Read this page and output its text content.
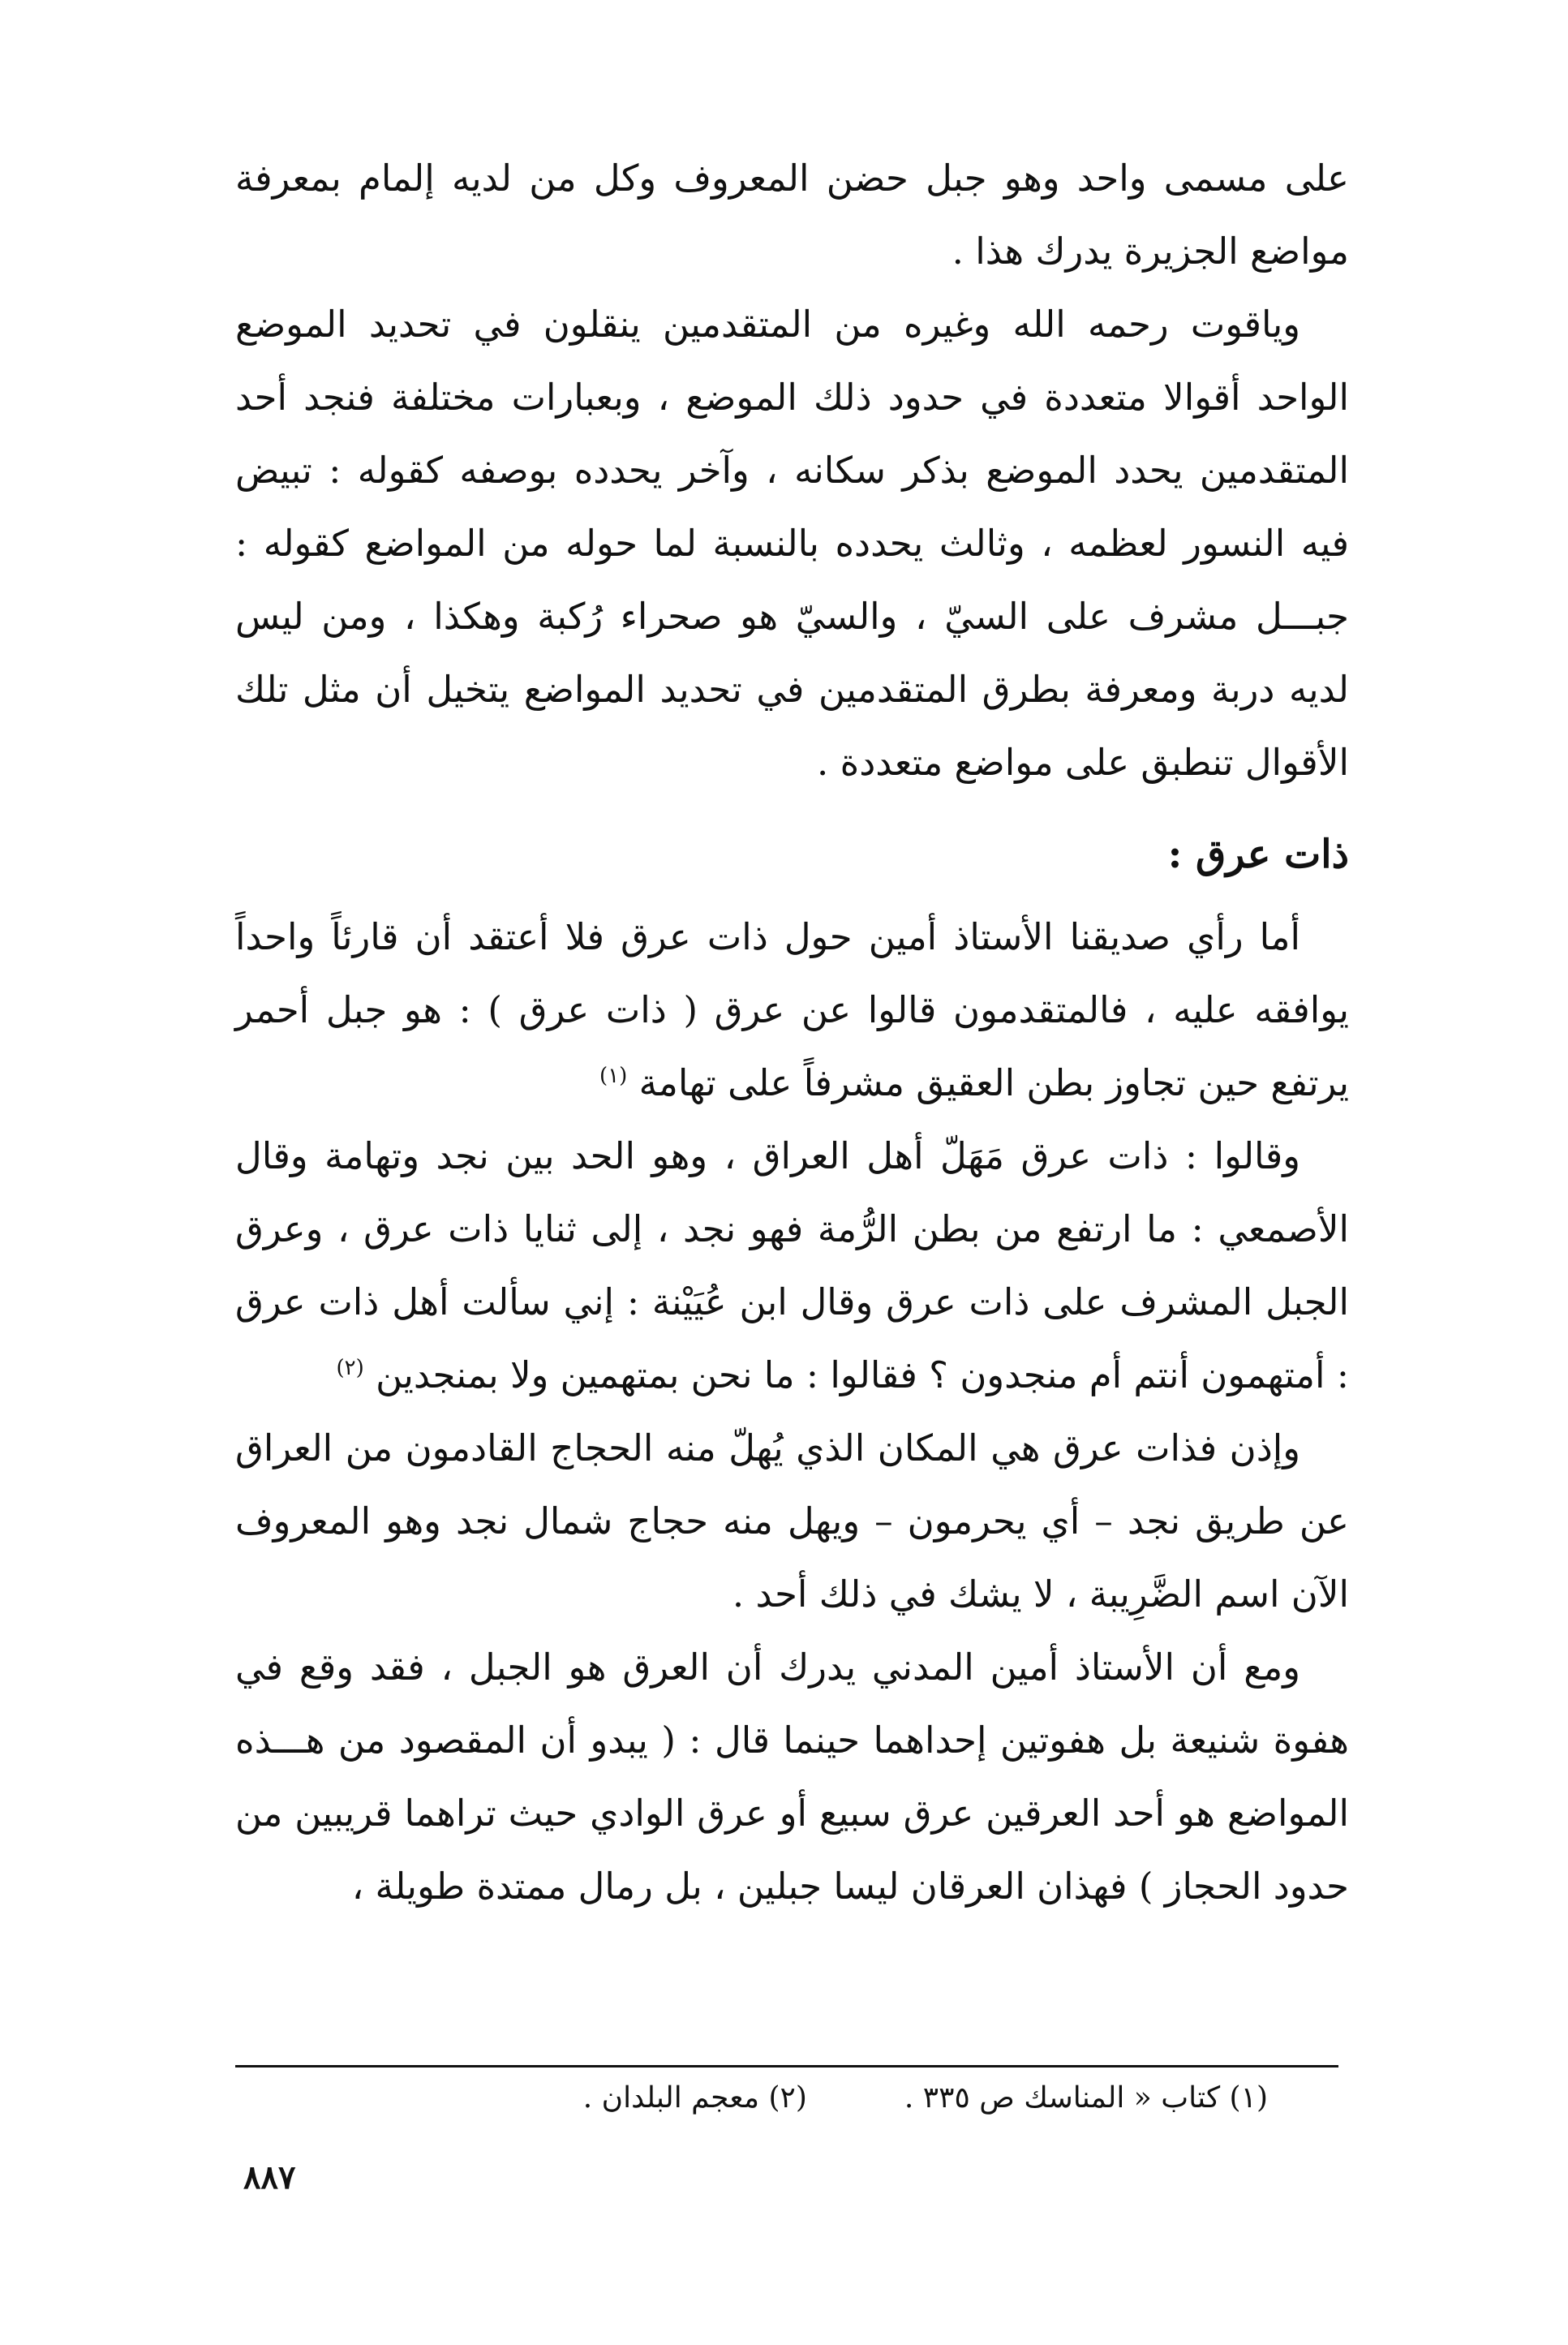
على مسمى واحد وهو جبل حضن المعروف وكل من لديه إلمام بمعرفة مواضع الجزيرة يدرك هذا .

وياقوت رحمه الله وغيره من المتقدمين ينقلون في تحديد الموضع الواحد أقوالا متعددة في حدود ذلك الموضع ، وبعبارات مختلفة فنجد أحد المتقدمين يحدد الموضع بذكر سكانه ، وآخر يحدده بوصفه كقوله : تبيض فيه النسور لعظمه ، وثالث يحدده بالنسبة لما حوله من المواضع كقوله : جبـــل مشرف على السيّ ، والسيّ هو صحراء رُكبة وهكذا ، ومن ليس لديه دربة ومعرفة بطرق المتقدمين في تحديد المواضع يتخيل أن مثل تلك الأقوال تنطبق على مواضع متعددة .

ذات عرق :

أما رأي صديقنا الأستاذ أمين حول ذات عرق فلا أعتقد أن قارئاً واحداً يوافقه عليه ، فالمتقدمون قالوا عن عرق ( ذات عرق ) : هو جبل أحمر يرتفع حين تجاوز بطن العقيق مشرفاً على تهامة $^{(١)}$

وقالوا : ذات عرق مَهَلّ أهل العراق ، وهو الحد بين نجد وتهامة وقال الأصمعي : ما ارتفع من بطن الرُّمة فهو نجد ، إلى ثنايا ذات عرق ، وعرق الجبل المشرف على ذات عرق وقال ابن عُيَيْنة : إني سألت أهل ذات عرق : أمتهمون أنتم أم منجدون ؟ فقالوا : ما نحن بمتهمين ولا بمنجدين $^{(٢)}$

وإذن فذات عرق هي المكان الذي يُهلّ منه الحجاج القادمون من العراق عن طريق نجد – أي يحرمون – ويهل منه حجاج شمال نجد وهو المعروف الآن اسم الضَّرِيبة ، لا يشك في ذلك أحد .

ومع أن الأستاذ أمين المدني يدرك أن العرق هو الجبل ، فقد وقع في هفوة شنيعة بل هفوتين إحداهما حينما قال : ( يبدو أن المقصود من هـــذه المواضع هو أحد العرقين عرق سبيع أو عرق الوادي حيث تراهما قريبين من حدود الحجاز ) فهذان العرقان ليسا جبلين ، بل رمال ممتدة طويلة ،

(١) كتاب « المناسك ص ٣٣٥ .
(٢) معجم البلدان .
٨٨٧
